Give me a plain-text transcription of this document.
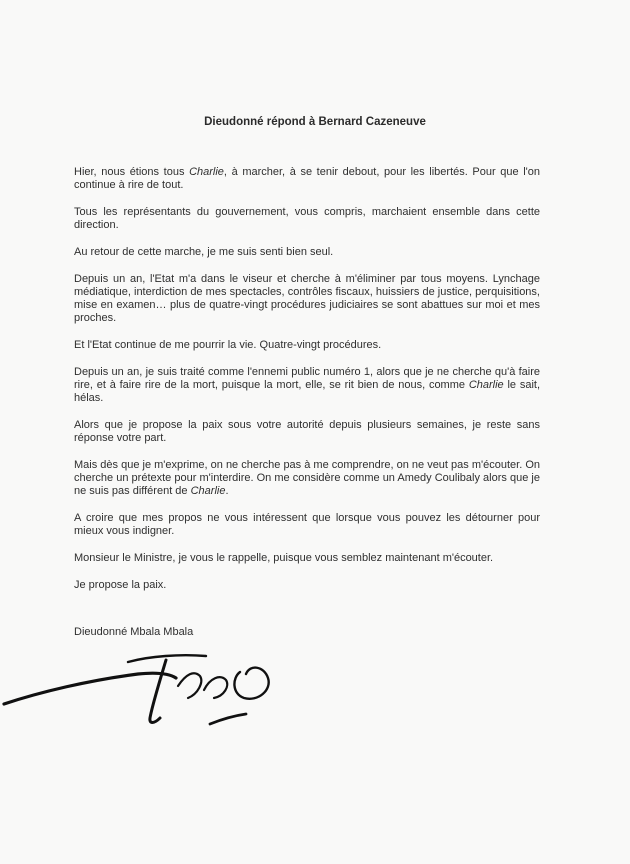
Dieudonné répond à Bernard Cazeneuve

Hier, nous étions tous Charlie, à marcher, à se tenir debout, pour les libertés. Pour que l'on continue à rire de tout.

Tous les représentants du gouvernement, vous compris, marchaient ensemble dans cette direction.

Au retour de cette marche, je me suis senti bien seul.

Depuis un an, l'Etat m'a dans le viseur et cherche à m'éliminer par tous moyens. Lynchage médiatique, interdiction de mes spectacles, contrôles fiscaux, huissiers de justice, perquisitions, mise en examen… plus de quatre-vingt procédures judiciaires se sont abattues sur moi et mes proches.

Et l'Etat continue de me pourrir la vie. Quatre-vingt procédures.

Depuis un an, je suis traité comme l'ennemi public numéro 1, alors que je ne cherche qu'à faire rire, et à faire rire de la mort, puisque la mort, elle, se rit bien de nous, comme Charlie le sait, hélas.

Alors que je propose la paix sous votre autorité depuis plusieurs semaines, je reste sans réponse votre part.

Mais dès que je m'exprime, on ne cherche pas à me comprendre, on ne veut pas m'écouter. On cherche un prétexte pour m'interdire. On me considère comme un Amedy Coulibaly alors que je ne suis pas différent de Charlie.

A croire que mes propos ne vous intéressent que lorsque vous pouvez les détourner pour mieux vous indigner.

Monsieur le Ministre, je vous le rappelle, puisque vous semblez maintenant m'écouter.

Je propose la paix.

Dieudonné Mbala Mbala
